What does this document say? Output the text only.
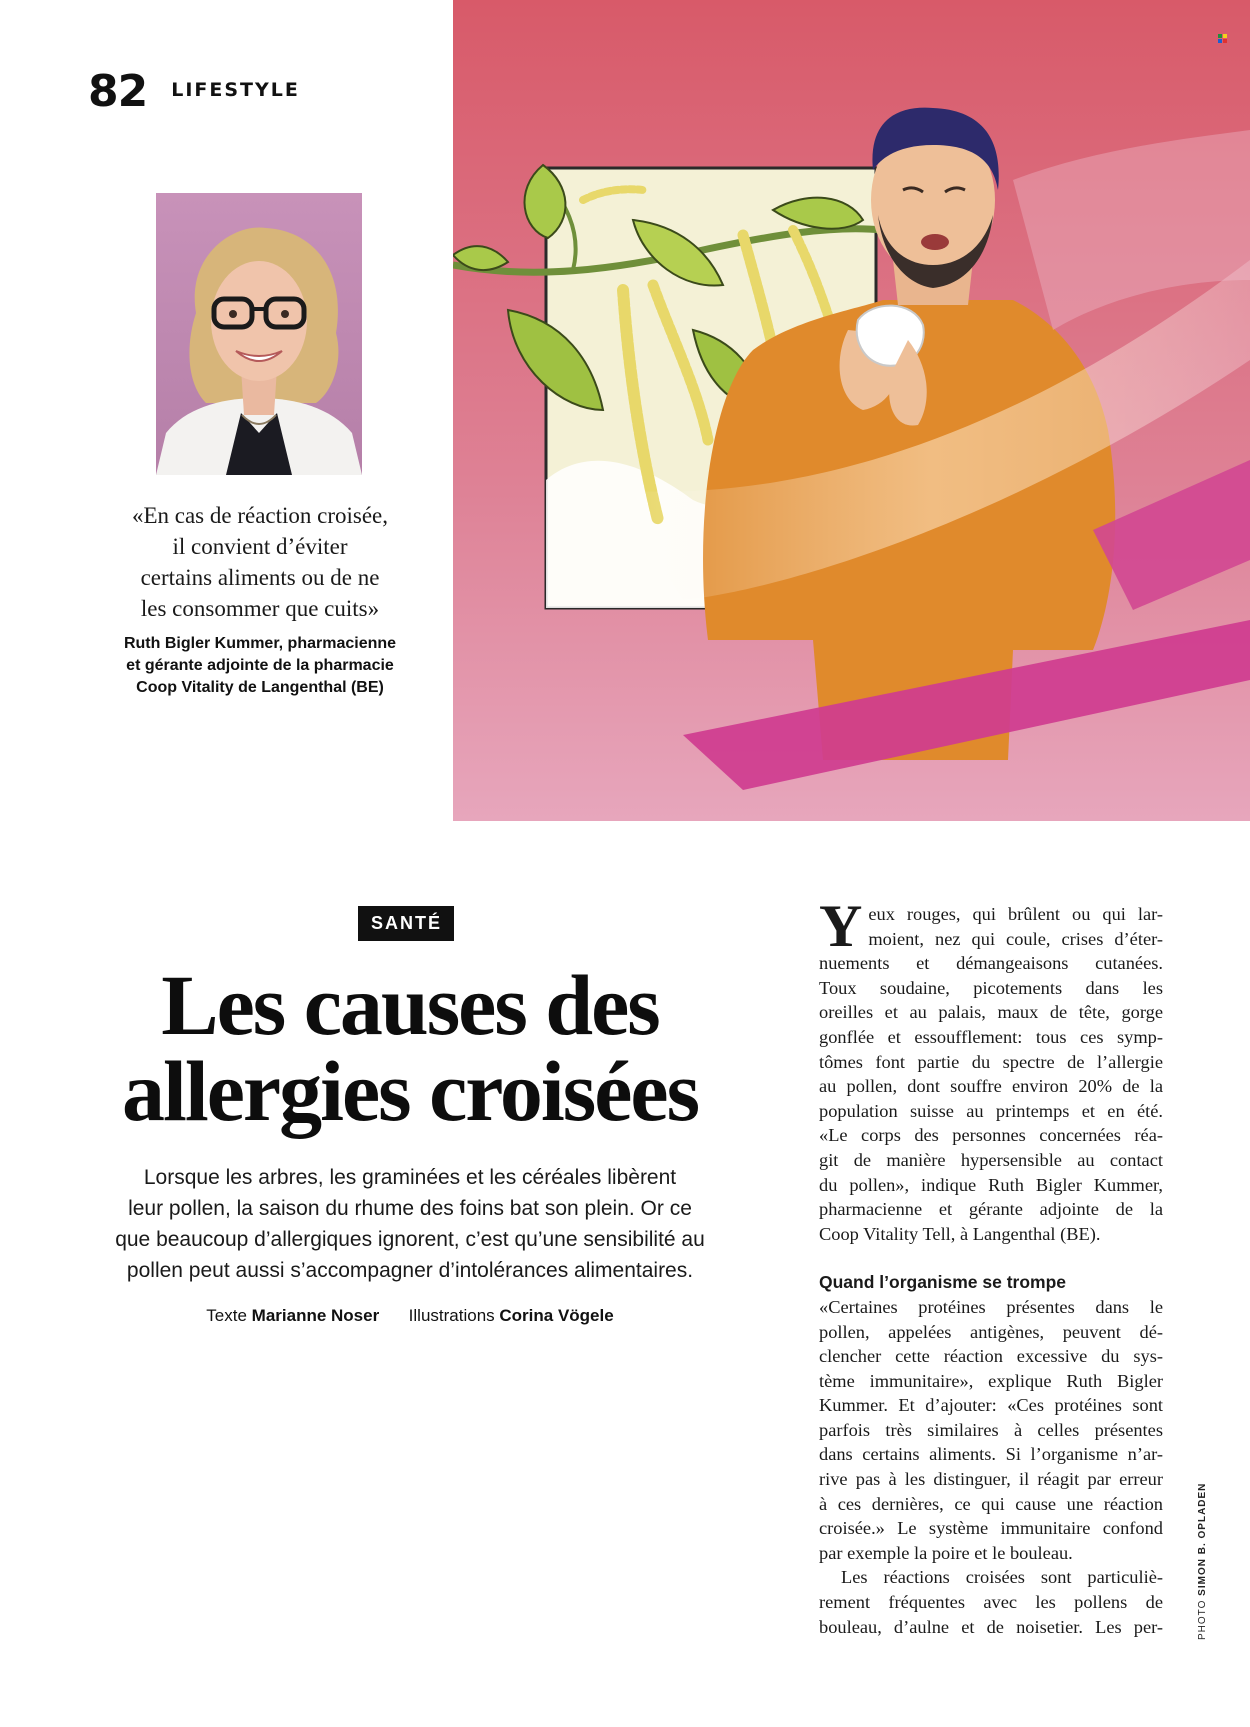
82 LIFESTYLE
«En cas de réaction croisée,
il convient d’éviter
certains aliments ou de ne
les consommer que cuits»
Ruth Bigler Kummer, pharmacienne
et gérante adjointe de la pharmacie
Coop Vitality de Langenthal (BE)
SANTÉ
Les causes des
allergies croisées
Lorsque les arbres, les graminées et les céréales libèrent
leur pollen, la saison du rhume des foins bat son plein. Or ce
que beaucoup d’allergiques ignorent, c’est qu’une sensibilité au
pollen peut aussi s’accompagner d’intolérances alimentaires.
Texte Marianne Noser Illustrations Corina Vögele
Y eux rouges, qui brûlent ou qui lar-
moient, nez qui coule, crises d’éter-
nuements et démangeaisons cutanées.
Toux soudaine, picotements dans les
oreilles et au palais, maux de tête, gorge
gonflée et essoufflement: tous ces symp-
tômes font partie du spectre de l’allergie
au pollen, dont souffre environ 20% de la
population suisse au printemps et en été.
«Le corps des personnes concernées réa-
git de manière hypersensible au contact
du pollen», indique Ruth Bigler Kummer,
pharmacienne et gérante adjointe de la
Coop Vitality Tell, à Langenthal (BE).
Quand l’organisme se trompe
«Certaines protéines présentes dans le
pollen, appelées antigènes, peuvent dé-
clencher cette réaction excessive du sys-
tème immunitaire», explique Ruth Bigler
Kummer. Et d’ajouter: «Ces protéines sont
parfois très similaires à celles présentes
dans certains aliments. Si l’organisme n’ar-
rive pas à les distinguer, il réagit par erreur
à ces dernières, ce qui cause une réaction
croisée.» Le système immunitaire confond
par exemple la poire et le bouleau.
Les réactions croisées sont particuliè-
rement fréquentes avec les pollens de
bouleau, d’aulne et de noisetier. Les per-	PHOTO SIMON B. OPLADEN
